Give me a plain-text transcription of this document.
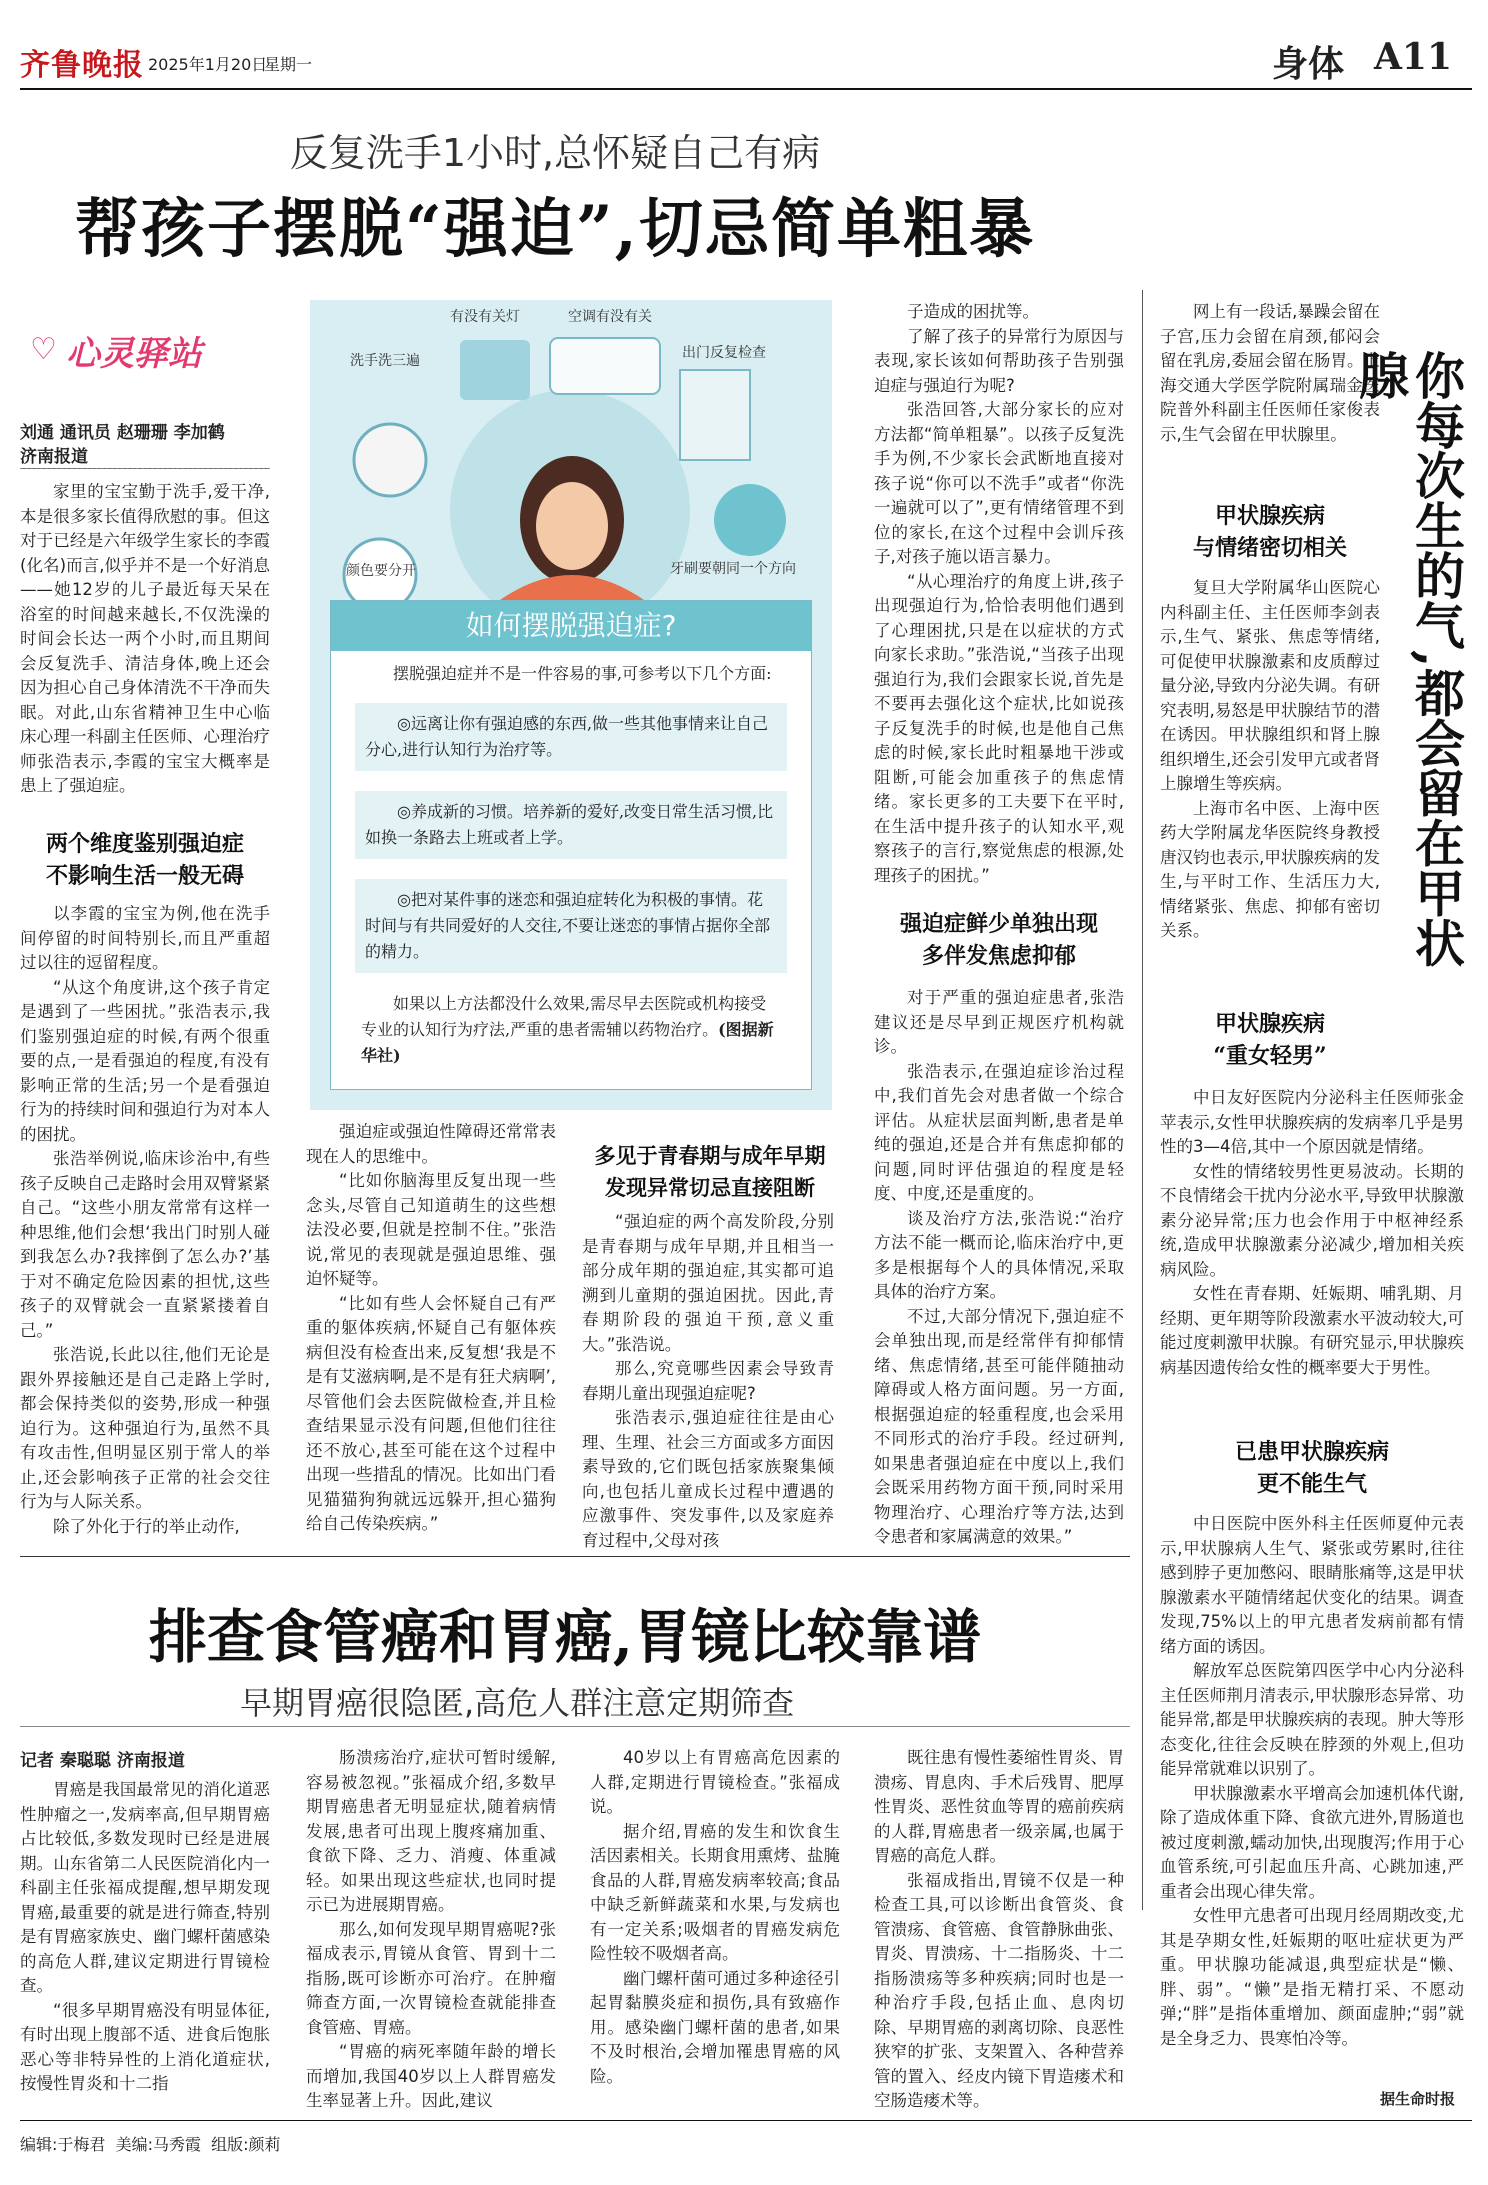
齐鲁晚报 2025年1月20日
星期一	身体 A11
反复洗手1小时,总怀疑自己有病
帮孩子摆脱“强迫”,切忌简单粗暴
♡ 心灵驿站
刘通 通讯员 赵珊珊 李加鹤
济南报道

家里的宝宝勤于洗手,爱干净,本是很多家长值得欣慰的事。但这对于已经是六年级学生家长的李霞(化名)而言,似乎并不是一个好消息——她12岁的儿子最近每天呆在浴室的时间越来越长,不仅洗澡的时间会长达一两个小时,而且期间会反复洗手、清洁身体,晚上还会因为担心自己身体清洗不干净而失眠。对此,山东省精神卫生中心临床心理一科副主任医师、心理治疗师张浩表示,李霞的宝宝大概率是患上了强迫症。

两个维度鉴别强迫症
不影响生活一般无碍

以李霞的宝宝为例,他在洗手间停留的时间特别长,而且严重超过以往的逗留程度。

“从这个角度讲,这个孩子肯定是遇到了一些困扰。”张浩表示,我们鉴别强迫症的时候,有两个很重要的点,一是看强迫的程度,有没有影响正常的生活;另一个是看强迫行为的持续时间和强迫行为对本人的困扰。

张浩举例说,临床诊治中,有些孩子反映自己走路时会用双臂紧紧自己。“这些小朋友常常有这样一种思维,他们会想‘我出门时别人碰到我怎么办?我摔倒了怎么办?’基于对不确定危险因素的担忧,这些孩子的双臂就会一直紧紧搂着自己。”

张浩说,长此以往,他们无论是跟外界接触还是自己走路上学时,都会保持类似的姿势,形成一种强迫行为。这种强迫行为,虽然不具有攻击性,但明显区别于常人的举止,还会影响孩子正常的社会交往行为与人际关系。

除了外化于行的举止动作,

有没有关灯	空调有没有关
洗手洗三遍	出门反复检查
颜色要分开	牙刷要朝同一个方向
如何摆脱强迫症?
摆脱强迫症并不是一件容易的事,可参考以下几个方面:
◎远离让你有强迫感的东西,做一些其他事情来让自己分心,进行认知行为治疗等。
◎养成新的习惯。培养新的爱好,改变日常生活习惯,比如换一条路去上班或者上学。
◎把对某件事的迷恋和强迫症转化为积极的事情。花时间与有共同爱好的人交往,不要让迷恋的事情占据你全部的精力。
如果以上方法都没什么效果,需尽早去医院或机构接受专业的认知行为疗法,严重的患者需辅以药物治疗。(图据新华社)

强迫症或强迫性障碍还常常表现在人的思维中。

“比如你脑海里反复出现一些念头,尽管自己知道萌生的这些想法没必要,但就是控制不住。”张浩说,常见的表现就是强迫思维、强迫怀疑等。

“比如有些人会怀疑自己有严重的躯体疾病,怀疑自己有躯体疾病但没有检查出来,反复想‘我是不是有艾滋病啊,是不是有狂犬病啊’,尽管他们会去医院做检查,并且检查结果显示没有问题,但他们往往还不放心,甚至可能在这个过程中出现一些措乱的情况。比如出门看见猫猫狗狗就远远躲开,担心猫狗给自己传染疾病。”

多见于青春期与成年早期
发现异常切忌直接阻断

“强迫症的两个高发阶段,分别是青春期与成年早期,并且相当一部分成年期的强迫症,其实都可追溯到儿童期的强迫困扰。因此,青春期阶段的强迫干预,意义重大。”张浩说。

那么,究竟哪些因素会导致青春期儿童出现强迫症呢?

张浩表示,强迫症往往是由心理、生理、社会三方面或多方面因素导致的,它们既包括家族聚集倾向,也包括儿童成长过程中遭遇的应激事件、突发事件,以及家庭养育过程中,父母对孩

子造成的困扰等。

了解了孩子的异常行为原因与表现,家长该如何帮助孩子告别强迫症与强迫行为呢?

张浩回答,大部分家长的应对方法都“简单粗暴”。以孩子反复洗手为例,不少家长会武断地直接对孩子说“你可以不洗手”或者“你洗一遍就可以了”,更有情绪管理不到位的家长,在这个过程中会训斥孩子,对孩子施以语言暴力。

“从心理治疗的角度上讲,孩子出现强迫行为,恰恰表明他们遇到了心理困扰,只是在以症状的方式向家长求助。”张浩说,“当孩子出现强迫行为,我们会跟家长说,首先是不要再去强化这个症状,比如说孩子反复洗手的时候,也是他自己焦虑的时候,家长此时粗暴地干涉或阻断,可能会加重孩子的焦虑情绪。家长更多的工夫要下在平时,在生活中提升孩子的认知水平,观察孩子的言行,察觉焦虑的根源,处理孩子的困扰。”

强迫症鲜少单独出现
多伴发焦虑抑郁

对于严重的强迫症患者,张浩建议还是尽早到正规医疗机构就诊。

张浩表示,在强迫症诊治过程中,我们首先会对患者做一个综合评估。从症状层面判断,患者是单纯的强迫,还是合并有焦虑抑郁的问题,同时评估强迫的程度是轻度、中度,还是重度的。

谈及治疗方法,张浩说:“治疗方法不能一概而论,临床治疗中,更多是根据每个人的具体情况,采取具体的治疗方案。

不过,大部分情况下,强迫症不会单独出现,而是经常伴有抑郁情绪、焦虑情绪,甚至可能伴随抽动障碍或人格方面问题。另一方面,根据强迫症的轻重程度,也会采用不同形式的治疗手段。经过研判,如果患者强迫症在中度以上,我们会既采用药物方面干预,同时采用物理治疗、心理治疗等方法,达到令患者和家属满意的效果。”

网上有一段话,暴躁会留在子宫,压力会留在肩颈,郁闷会留在乳房,委屈会留在肠胃。上海交通大学医学院附属瑞金医院普外科副主任医师任家俊表示,生气会留在甲状腺里。	你每次生的气,都会留在甲状腺
甲状腺疾病
与情绪密切相关

复旦大学附属华山医院心内科副主任、主任医师李剑表示,生气、紧张、焦虑等情绪,可促使甲状腺激素和皮质醇过量分泌,导致内分泌失调。有研究表明,易怒是甲状腺结节的潜在诱因。甲状腺组织和肾上腺组织增生,还会引发甲亢或者肾上腺增生等疾病。

上海市名中医、上海中医药大学附属龙华医院终身教授唐汉钧也表示,甲状腺疾病的发生,与平时工作、生活压力大,情绪紧张、焦虑、抑郁有密切关系。

甲状腺疾病
“重女轻男”

中日友好医院内分泌科主任医师张金苹表示,女性甲状腺疾病的发病率几乎是男性的3—4倍,其中一个原因就是情绪。

女性的情绪较男性更易波动。长期的不良情绪会干扰内分泌水平,导致甲状腺激素分泌异常;压力也会作用于中枢神经系统,造成甲状腺激素分泌减少,增加相关疾病风险。

女性在青春期、妊娠期、哺乳期、月经期、更年期等阶段激素水平波动较大,可能过度刺激甲状腺。有研究显示,甲状腺疾病基因遗传给女性的概率要大于男性。

已患甲状腺疾病
更不能生气

中日医院中医外科主任医师夏仲元表示,甲状腺病人生气、紧张或劳累时,往往感到脖子更加憋闷、眼睛胀痛等,这是甲状腺激素水平随情绪起伏变化的结果。调查发现,75%以上的甲亢患者发病前都有情绪方面的诱因。

解放军总医院第四医学中心内分泌科主任医师荆月清表示,甲状腺形态异常、功能异常,都是甲状腺疾病的表现。肿大等形态变化,往往会反映在脖颈的外观上,但功能异常就难以识别了。

甲状腺激素水平增高会加速机体代谢,除了造成体重下降、食欲亢进外,胃肠道也被过度刺激,蠕动加快,出现腹泻;作用于心血管系统,可引起血压升高、心跳加速,严重者会出现心律失常。

女性甲亢患者可出现月经周期改变,尤其是孕期女性,妊娠期的呕吐症状更为严重。甲状腺功能减退,典型症状是“懒、胖、弱”。“懒”是指无精打采、不愿动弹;“胖”是指体重增加、颜面虚肿;“弱”就是全身乏力、畏寒怕冷等。

据生命时报
排查食管癌和胃癌,胃镜比较靠谱
早期胃癌很隐匿,高危人群注意定期筛查
记者 秦聪聪 济南报道

胃癌是我国最常见的消化道恶性肿瘤之一,发病率高,但早期胃癌占比较低,多数发现时已经是进展期。山东省第二人民医院消化内一科副主任张福成提醒,想早期发现胃癌,最重要的就是进行筛查,特别是有胃癌家族史、幽门螺杆菌感染的高危人群,建议定期进行胃镜检查。

“很多早期胃癌没有明显体征,有时出现上腹部不适、进食后饱胀恶心等非特异性的上消化道症状,按慢性胃炎和十二指

肠溃疡治疗,症状可暂时缓解,容易被忽视。”张福成介绍,多数早期胃癌患者无明显症状,随着病情发展,患者可出现上腹疼痛加重、食欲下降、乏力、消瘦、体重减轻。如果出现这些症状,也同时提示已为进展期胃癌。

那么,如何发现早期胃癌呢?张福成表示,胃镜从食管、胃到十二指肠,既可诊断亦可治疗。在肿瘤筛查方面,一次胃镜检查就能排查食管癌、胃癌。

“胃癌的病死率随年龄的增长而增加,我国40岁以上人群胃癌发生率显著上升。因此,建议

40岁以上有胃癌高危因素的人群,定期进行胃镜检查。”张福成说。

据介绍,胃癌的发生和饮食生活因素相关。长期食用熏烤、盐腌食品的人群,胃癌发病率较高;食品中缺乏新鲜蔬菜和水果,与发病也有一定关系;吸烟者的胃癌发病危险性较不吸烟者高。

幽门螺杆菌可通过多种途径引起胃黏膜炎症和损伤,具有致癌作用。感染幽门螺杆菌的患者,如果不及时根治,会增加罹患胃癌的风险。

既往患有慢性萎缩性胃炎、胃溃疡、胃息肉、手术后残胃、肥厚性胃炎、恶性贫血等胃的癌前疾病的人群,胃癌患者一级亲属,也属于胃癌的高危人群。

张福成指出,胃镜不仅是一种检查工具,可以诊断出食管炎、食管溃疡、食管癌、食管静脉曲张、胃炎、胃溃疡、十二指肠炎、十二指肠溃疡等多种疾病;同时也是一种治疗手段,包括止血、息肉切除、早期胃癌的剥离切除、良恶性狭窄的扩张、支架置入、各种营养管的置入、经皮内镜下胃造瘘术和空肠造瘘术等。

编辑:于梅君  美编:马秀霞  组版:颜莉
